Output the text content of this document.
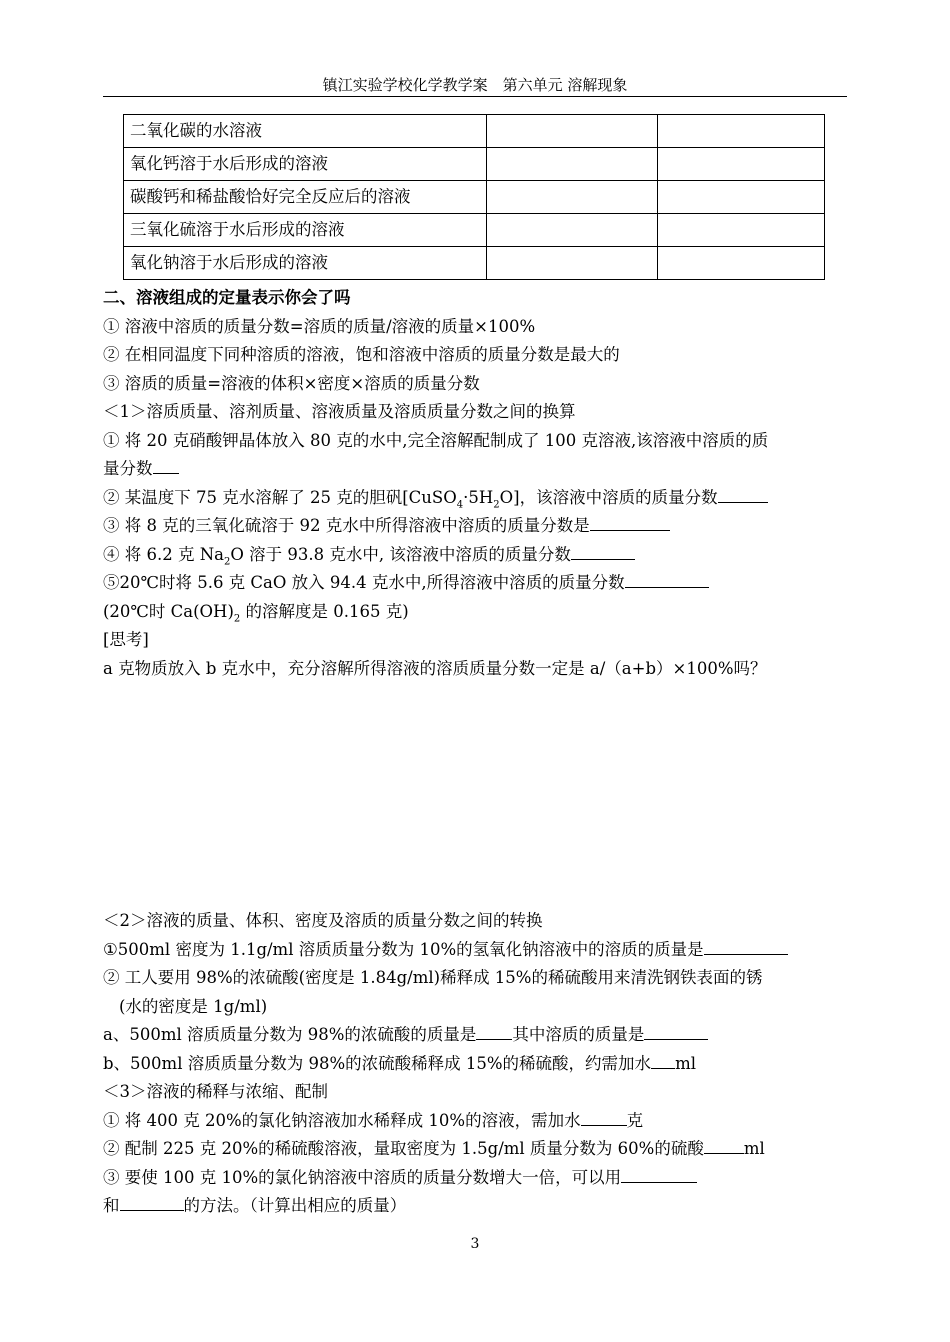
镇江实验学校化学教学案　第六单元 溶解现象
二氧化碳的水溶液		
氧化钙溶于水后形成的溶液		
碳酸钙和稀盐酸恰好完全反应后的溶液		
三氧化硫溶于水后形成的溶液		
氧化钠溶于水后形成的溶液		
二、溶液组成的定量表示你会了吗
① 溶液中溶质的质量分数=溶质的质量/溶液的质量×100%
② 在相同温度下同种溶质的溶液，饱和溶液中溶质的质量分数是最大的
③ 溶质的质量=溶液的体积×密度×溶质的质量分数
＜1＞溶质质量、溶剂质量、溶液质量及溶质质量分数之间的换算
① 将 20 克硝酸钾晶体放入 80 克的水中,完全溶解配制成了 100 克溶液,该溶液中溶质的质
量分数
② 某温度下 75 克水溶解了 25 克的胆矾$[CuSO_4\cdot 5H_2O]$，该溶液中溶质的质量分数
③ 将 8 克的三氧化硫溶于 92 克水中所得溶液中溶质的质量分数是
④ 将 6.2 克 $Na_2O$ 溶于 93.8 克水中, 该溶液中溶质的质量分数
⑤20℃时将 5.6 克 CaO 放入 94.4 克水中,所得溶液中溶质的质量分数
(20℃时 $Ca(OH)_2$ 的溶解度是 0.165 克)
[思考]
a 克物质放入 b 克水中，充分溶解所得溶液的溶质质量分数一定是 a/（a+b）×100%吗？
＜2＞溶液的质量、体积、密度及溶质的质量分数之间的转换
①500ml 密度为 1.1g/ml 溶质质量分数为 10%的氢氧化钠溶液中的溶质的质量是
② 工人要用 98%的浓硫酸(密度是 1.84g/ml)稀释成 15%的稀硫酸用来清洗钢铁表面的锈
(水的密度是 1g/ml)
a、500ml 溶质质量分数为 98%的浓硫酸的质量是 其中溶质的质量是
b、500ml 溶质质量分数为 98%的浓硫酸稀释成 15%的稀硫酸，约需加水 ml
＜3＞溶液的稀释与浓缩、配制
① 将 400 克 20%的氯化钠溶液加水稀释成 10%的溶液，需加水	克
② 配制 225 克 20%的稀硫酸溶液，量取密度为 1.5g/ml 质量分数为 60%的硫酸 ml
③ 要使 100 克 10%的氯化钠溶液中溶质的质量分数增大一倍，可以用
和	的方法。（计算出相应的质量）
3
